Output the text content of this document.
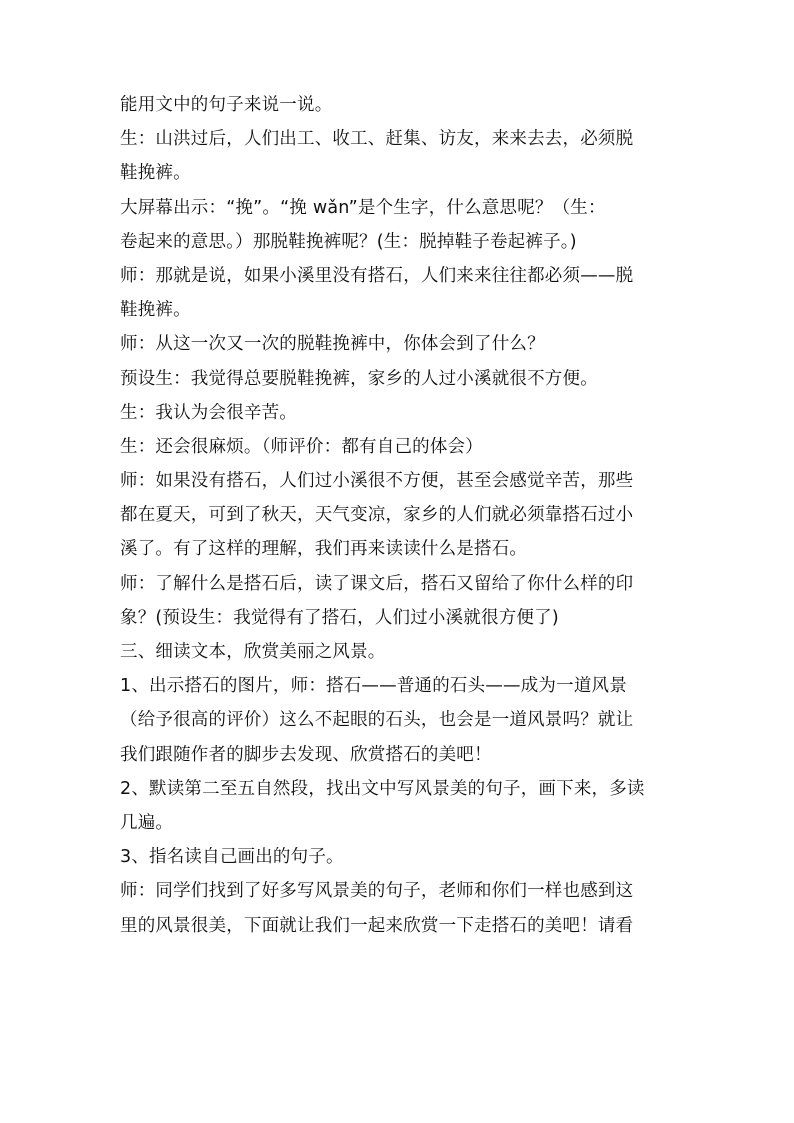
能用文中的句子来说一说。
生：山洪过后，人们出工、收工、赶集、访友，来来去去，必须脱
鞋挽裤。
大屏幕出示：“挽”。“挽 wǎn”是个生字，什么意思呢？（生：
卷起来的意思。）那脱鞋挽裤呢？(生：脱掉鞋子卷起裤子。)
师：那就是说，如果小溪里没有搭石，人们来来往往都必须——脱
鞋挽裤。
师：从这一次又一次的脱鞋挽裤中，你体会到了什么？
预设生：我觉得总要脱鞋挽裤，家乡的人过小溪就很不方便。
生：我认为会很辛苦。
生：还会很麻烦。（师评价：都有自己的体会）
师：如果没有搭石，人们过小溪很不方便，甚至会感觉辛苦，那些
都在夏天，可到了秋天，天气变凉，家乡的人们就必须靠搭石过小
溪了。有了这样的理解，我们再来读读什么是搭石。
师：了解什么是搭石后，读了课文后，搭石又留给了你什么样的印
象？(预设生：我觉得有了搭石，人们过小溪就很方便了)
三、细读文本，欣赏美丽之风景。
1、出示搭石的图片，师：搭石——普通的石头——成为一道风景
（给予很高的评价）这么不起眼的石头，也会是一道风景吗？就让
我们跟随作者的脚步去发现、欣赏搭石的美吧！
2、默读第二至五自然段，找出文中写风景美的句子，画下来，多读
几遍。
3、指名读自己画出的句子。
师：同学们找到了好多写风景美的句子，老师和你们一样也感到这
里的风景很美，下面就让我们一起来欣赏一下走搭石的美吧！请看
